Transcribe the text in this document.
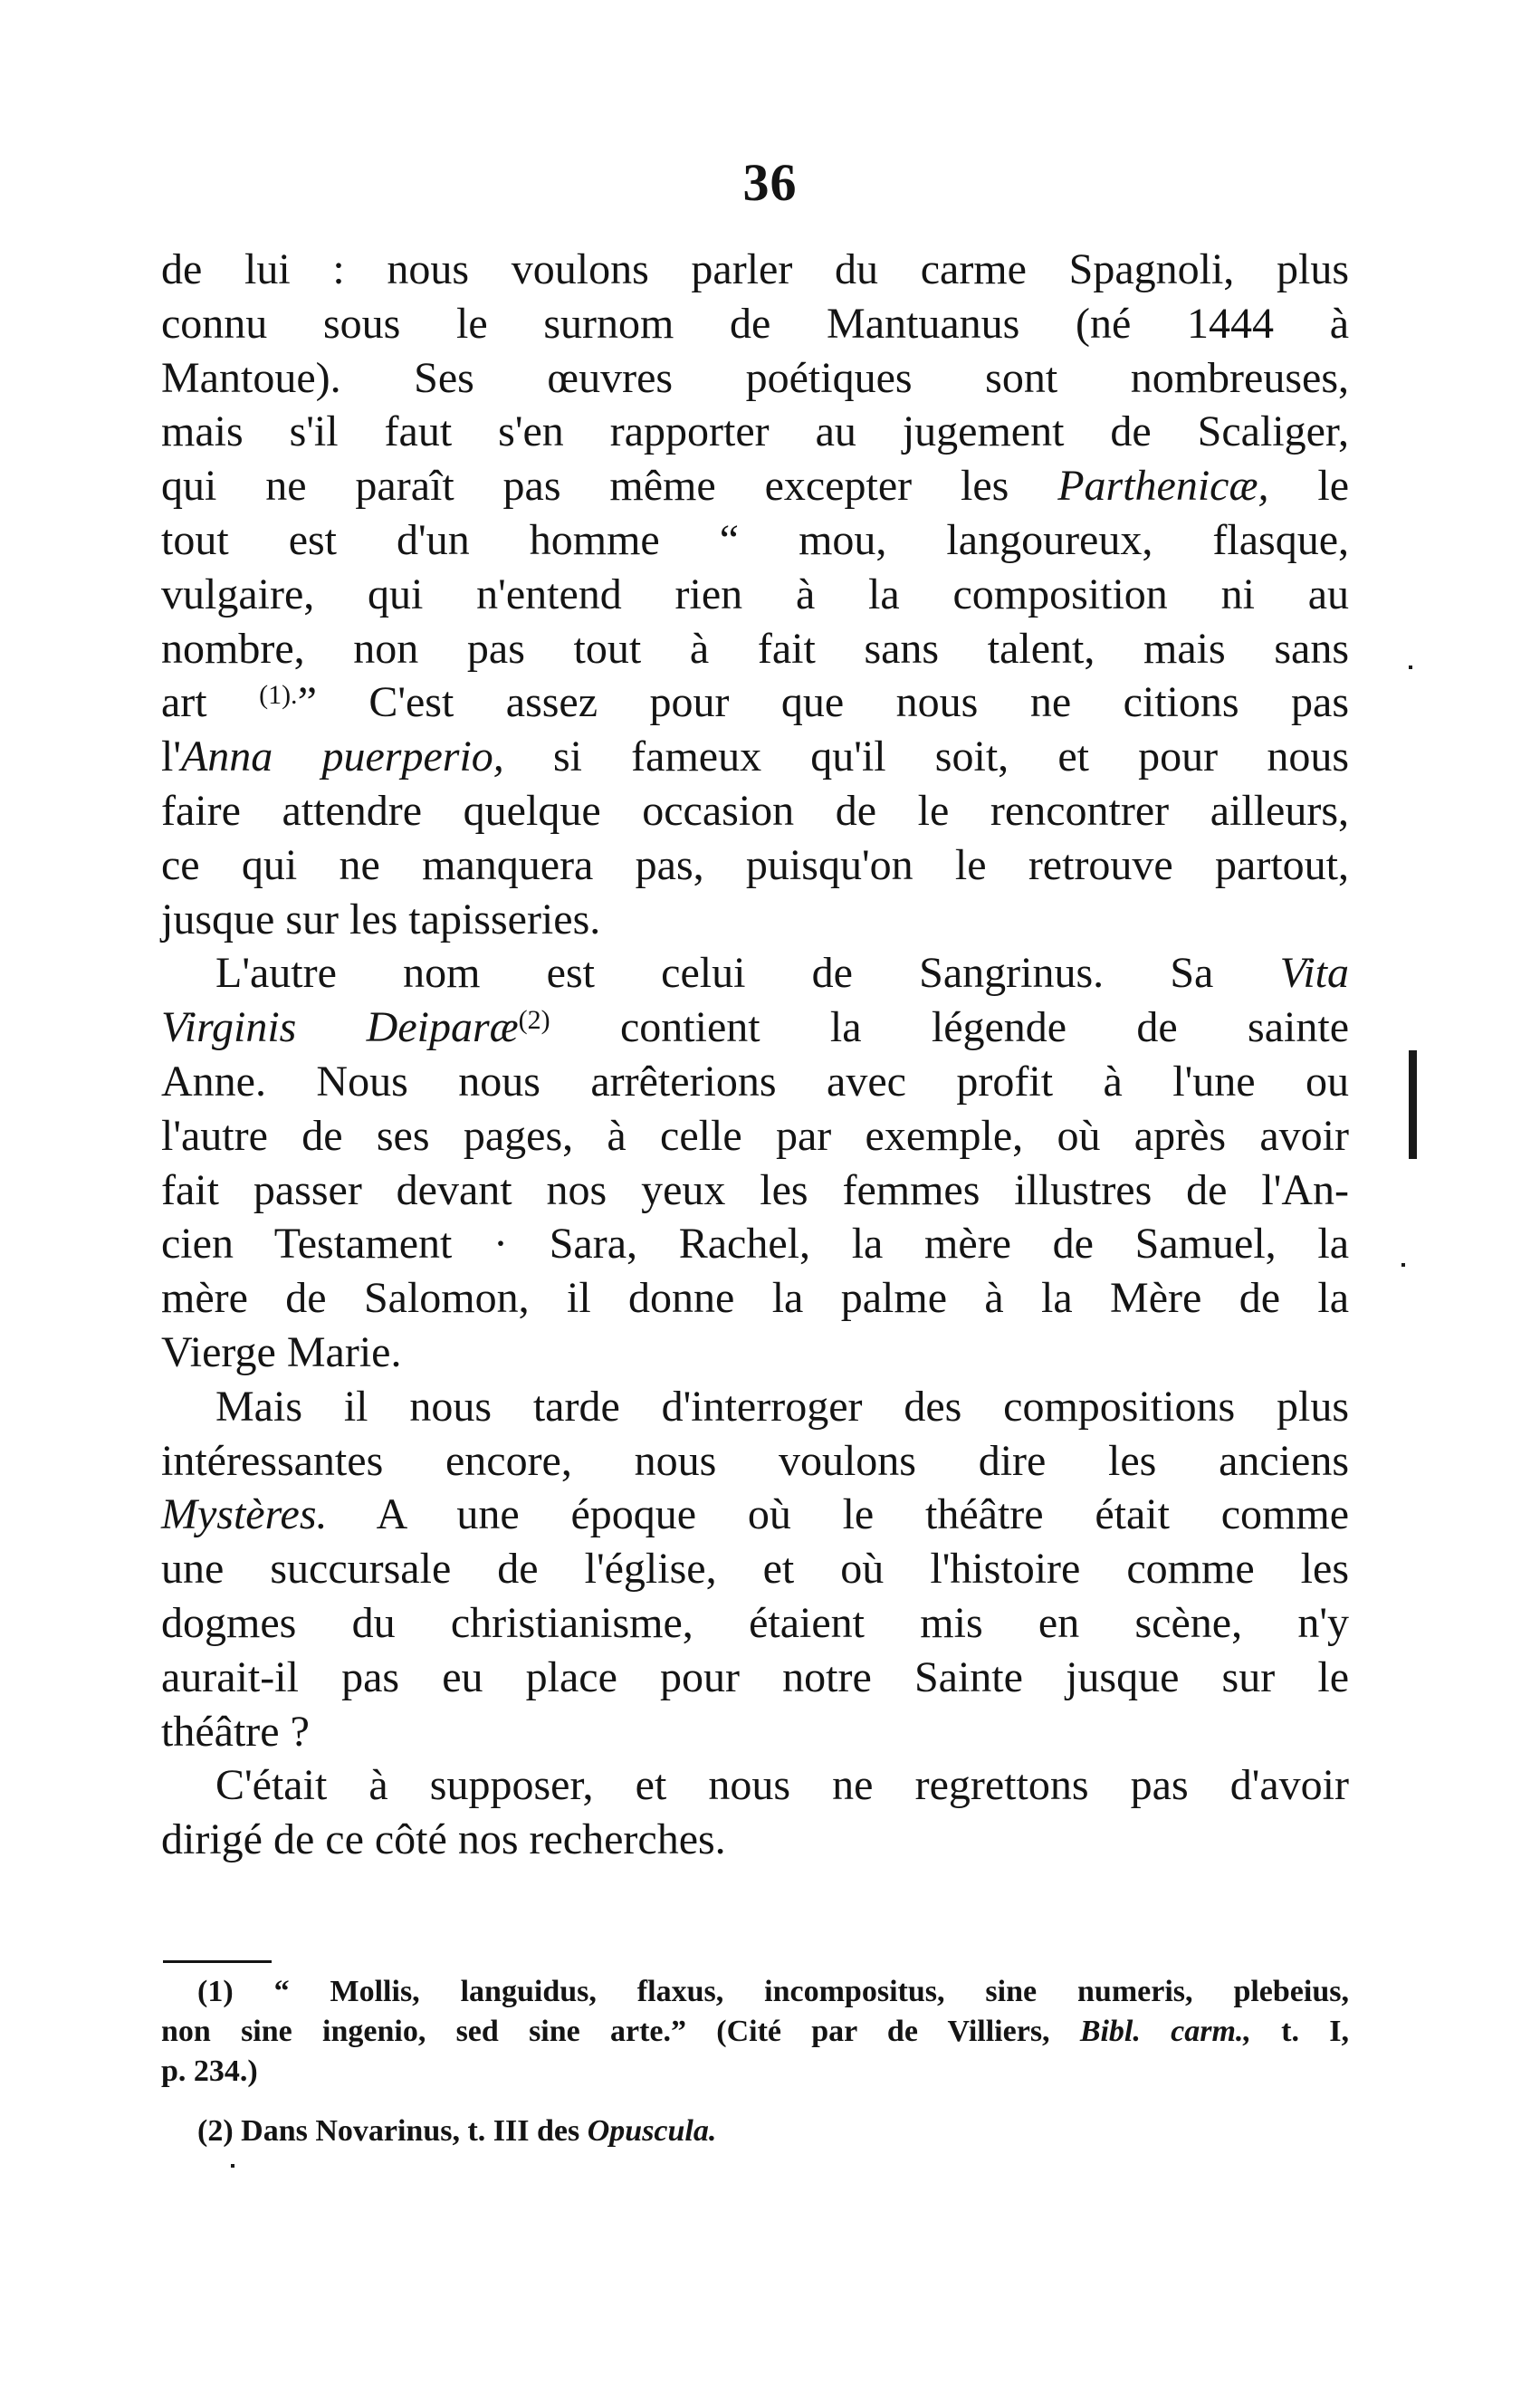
36
de lui : nous voulons parler du carme Spagnoli, plus
connu sous le surnom de Mantuanus (né 1444 à
Mantoue). Ses œuvres poétiques sont nombreuses,
mais s'il faut s'en rapporter au jugement de Scaliger,
qui ne paraît pas même excepter les Parthenicæ, le
tout est d'un homme “ mou, langoureux, flasque,
vulgaire, qui n'entend rien à la composition ni au
nombre, non pas tout à fait sans talent, mais sans
art $^{(1).}$” C'est assez pour que nous ne citions pas
l'Anna puerperio, si fameux qu'il soit, et pour nous
faire attendre quelque occasion de le rencontrer ailleurs,
ce qui ne manquera pas, puisqu'on le retrouve partout,
jusque sur les tapisseries.
L'autre nom est celui de Sangrinus. Sa Vita
Virginis Deiparæ$^{(2)}$ contient la légende de sainte
Anne. Nous nous arrêterions avec profit à l'une ou
l'autre de ses pages, à celle par exemple, où après avoir
fait passer devant nos yeux les femmes illustres de l'An-
cien Testament · Sara, Rachel, la mère de Samuel, la
mère de Salomon, il donne la palme à la Mère de la
Vierge Marie.
Mais il nous tarde d'interroger des compositions plus
intéressantes encore, nous voulons dire les anciens
Mystères. A une époque où le théâtre était comme
une succursale de l'église, et où l'histoire comme les
dogmes du christianisme, étaient mis en scène, n'y
aurait-il pas eu place pour notre Sainte jusque sur le
théâtre ?
C'était à supposer, et nous ne regrettons pas d'avoir
dirigé de ce côté nos recherches.
(1) “ Mollis, languidus, flaxus, incompositus, sine numeris, plebeius,
non sine ingenio, sed sine arte.” (Cité par de Villiers, Bibl. carm., t. I,
p. 234.)
(2) Dans Novarinus, t. III des Opuscula.
